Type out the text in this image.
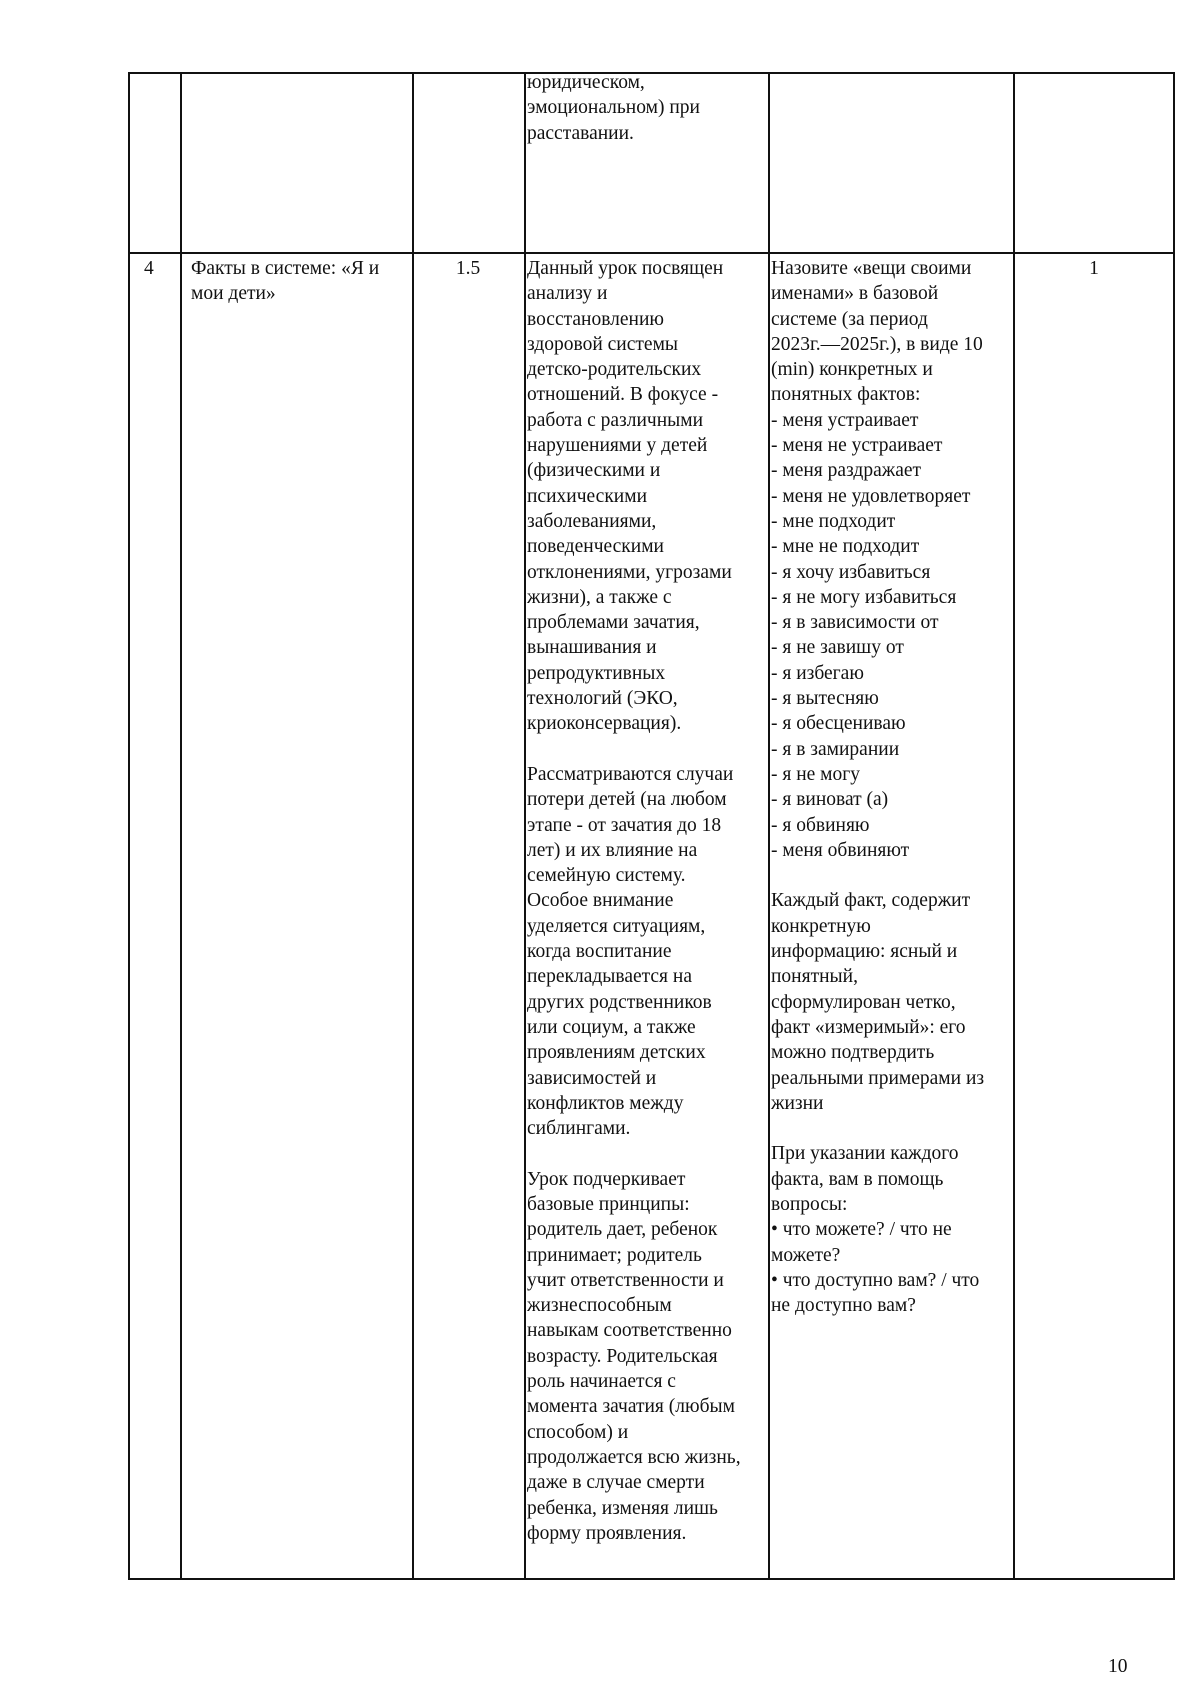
юридическом,
эмоциональном) при
расставании.
4 Факты в системе: «Я и
мои дети»
1.5	Данный урок посвящен
анализу и
восстановлению
здоровой системы
детско-родительских
отношений. В фокусе -
работа с различными
нарушениями у детей
(физическими и
психическими
заболеваниями,
поведенческими
отклонениями, угрозами
жизни), а также с
проблемами зачатия,
вынашивания и
репродуктивных
технологий (ЭКО,
криоконсервация).

Рассматриваются случаи
потери детей (на любом
этапе - от зачатия до 18
лет) и их влияние на
семейную систему.
Особое внимание
уделяется ситуациям,
когда воспитание
перекладывается на
других родственников
или социум, а также
проявлениям детских
зависимостей и
конфликтов между
сиблингами.

Урок подчеркивает
базовые принципы:
родитель дает, ребенок
принимает; родитель
учит ответственности и
жизнеспособным
навыкам соответственно
возрасту. Родительская
роль начинается с
момента зачатия (любым
способом) и
продолжается всю жизнь,
даже в случае смерти
ребенка, изменяя лишь
форму проявления.
Назовите «вещи своими
именами» в базовой
системе (за период
2023г.—2025г.), в виде 10
(min) конкретных и
понятных фактов:
- меня устраивает
- меня не устраивает
- меня раздражает
- меня не удовлетворяет
- мне подходит
- мне не подходит
- я хочу избавиться
- я не могу избавиться
- я в зависимости от
- я не завишу от
- я избегаю
- я вытесняю
- я обесцениваю
- я в замирании
- я не могу
- я виноват (а)
- я обвиняю
- меня обвиняют

Каждый факт, содержит
конкретную
информацию: ясный и
понятный,
сформулирован четко,
факт «измеримый»: его
можно подтвердить
реальными примерами из
жизни

При указании каждого
факта, вам в помощь
вопросы:
• что можете? / что не
можете?
• что доступно вам? / что
не доступно вам?
1
10
